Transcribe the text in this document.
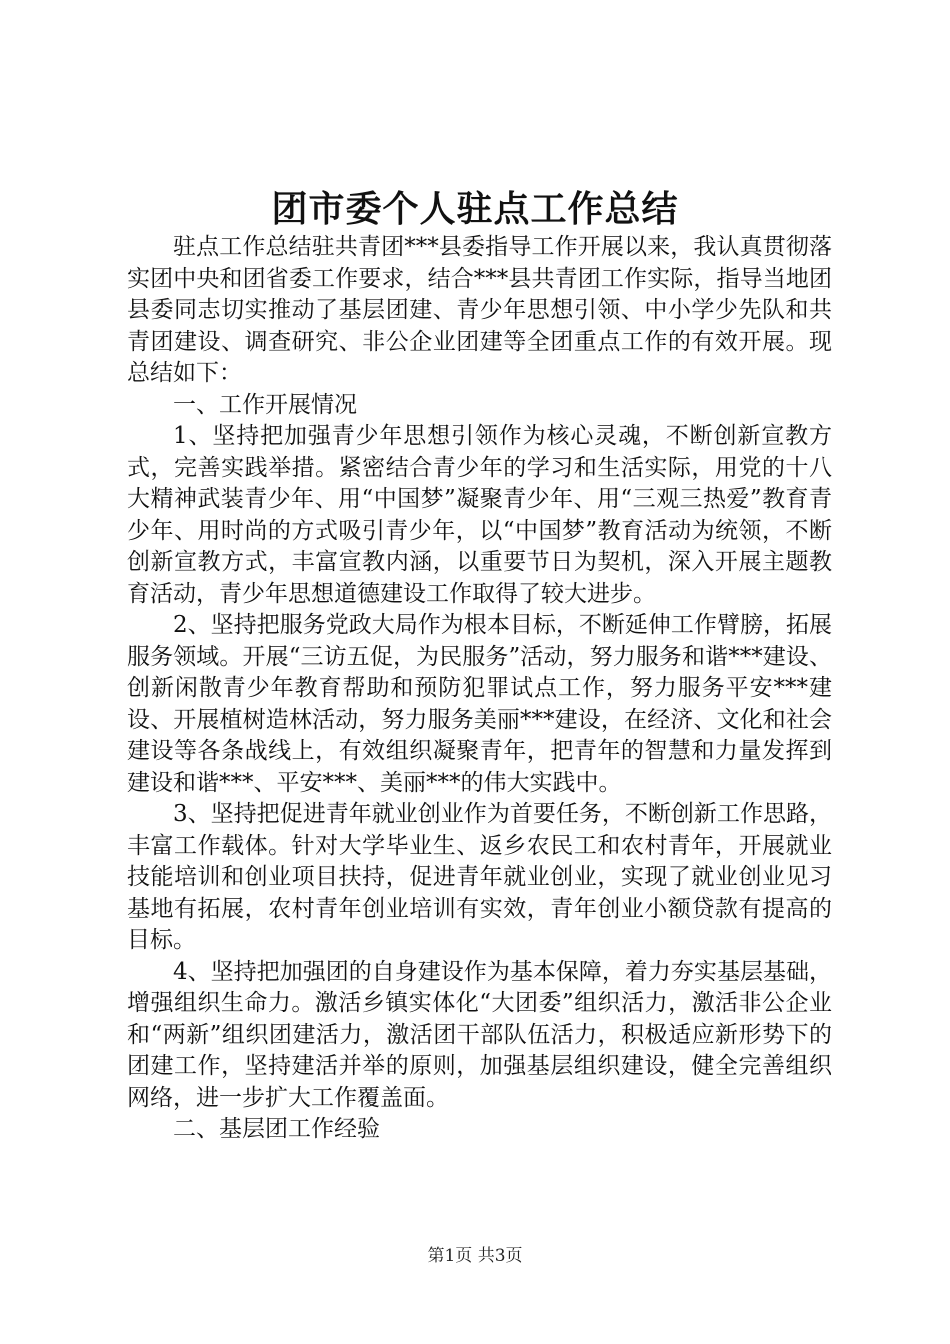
团市委个人驻点工作总结

驻点工作总结驻共青团***县委指导工作开展以来，我认真贯彻落实团中央和团省委工作要求，结合***县共青团工作实际，指导当地团县委同志切实推动了基层团建、青少年思想引领、中小学少先队和共青团建设、调查研究、非公企业团建等全团重点工作的有效开展。现总结如下：

一、工作开展情况

1、坚持把加强青少年思想引领作为核心灵魂，不断创新宣教方式，完善实践举措。紧密结合青少年的学习和生活实际，用党的十八大精神武装青少年、用“中国梦”凝聚青少年、用“三观三热爱”教育青少年、用时尚的方式吸引青少年，以“中国梦”教育活动为统领，不断创新宣教方式，丰富宣教内涵，以重要节日为契机，深入开展主题教育活动，青少年思想道德建设工作取得了较大进步。

2、坚持把服务党政大局作为根本目标，不断延伸工作臂膀，拓展服务领域。开展“三访五促，为民服务”活动，努力服务和谐***建设、创新闲散青少年教育帮助和预防犯罪试点工作，努力服务平安***建设、开展植树造林活动，努力服务美丽***建设，在经济、文化和社会建设等各条战线上，有效组织凝聚青年，把青年的智慧和力量发挥到建设和谐***、平安***、美丽***的伟大实践中。

3、坚持把促进青年就业创业作为首要任务，不断创新工作思路，丰富工作载体。针对大学毕业生、返乡农民工和农村青年，开展就业技能培训和创业项目扶持，促进青年就业创业，实现了就业创业见习基地有拓展，农村青年创业培训有实效，青年创业小额贷款有提高的目标。

4、坚持把加强团的自身建设作为基本保障，着力夯实基层基础，增强组织生命力。激活乡镇实体化“大团委”组织活力，激活非公企业和“两新”组织团建活力，激活团干部队伍活力，积极适应新形势下的团建工作，坚持建活并举的原则，加强基层组织建设，健全完善组织网络，进一步扩大工作覆盖面。

二、基层团工作经验

第1页 共3页
